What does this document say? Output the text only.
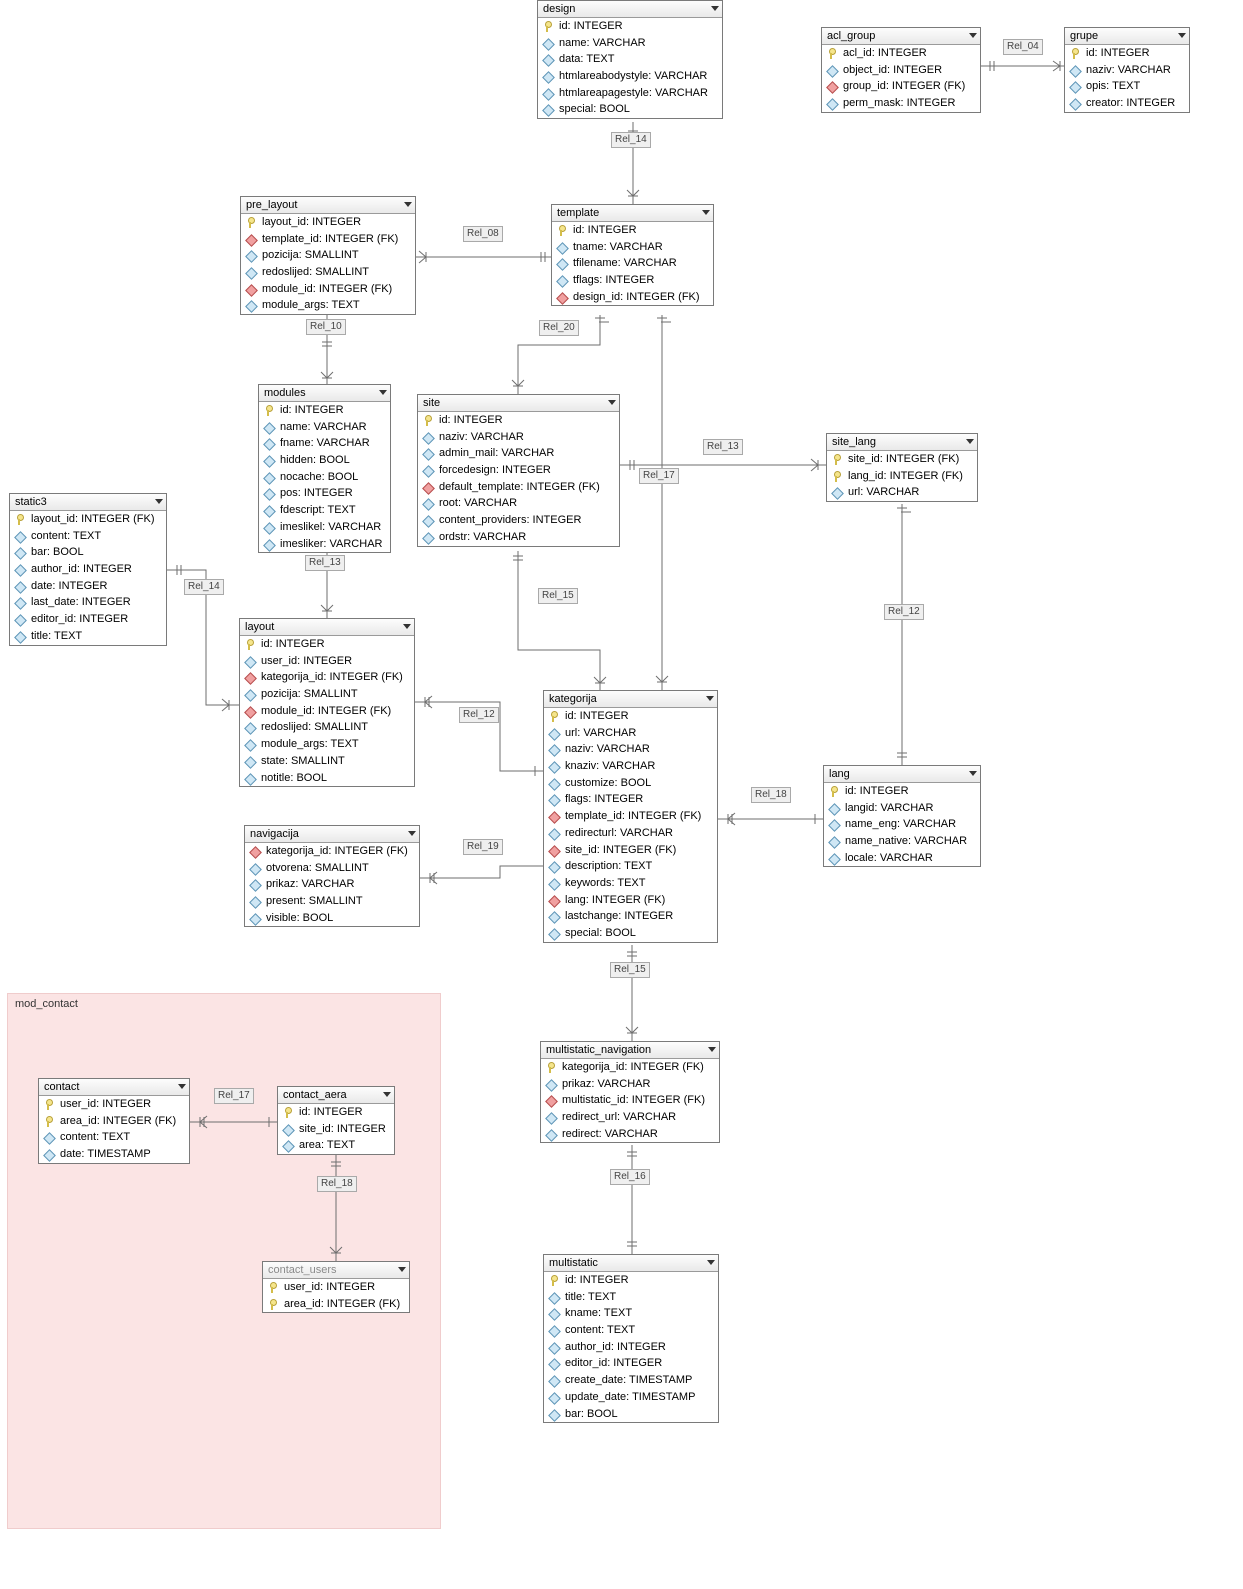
mod_contact
Rel_04
Rel_14
Rel_08
Rel_10	Rel_20
Rel_13
Rel_17
Rel_13
Rel_15
Rel_14
Rel_12
Rel_12
Rel_18
Rel_19
Rel_15
Rel_17
Rel_16
Rel_18
design
id: INTEGER
name: VARCHAR
data: TEXT
htmlareabodystyle: VARCHAR
htmlareapagestyle: VARCHAR
special: BOOL
acl_group
acl_id: INTEGER
object_id: INTEGER
group_id: INTEGER (FK)
perm_mask: INTEGER
grupe
id: INTEGER
naziv: VARCHAR
opis: TEXT
creator: INTEGER
pre_layout
layout_id: INTEGER
template_id: INTEGER (FK)
pozicija: SMALLINT
redoslijed: SMALLINT
module_id: INTEGER (FK)
module_args: TEXT
template
id: INTEGER
tname: VARCHAR
tfilename: VARCHAR
tflags: INTEGER
design_id: INTEGER (FK)
modules
id: INTEGER
name: VARCHAR
fname: VARCHAR
hidden: BOOL
nocache: BOOL
pos: INTEGER
fdescript: TEXT
imeslikel: VARCHAR
imesliker: VARCHAR
site
id: INTEGER
naziv: VARCHAR
admin_mail: VARCHAR
forcedesign: INTEGER
default_template: INTEGER (FK)
root: VARCHAR
content_providers: INTEGER
ordstr: VARCHAR
site_lang
site_id: INTEGER (FK)
lang_id: INTEGER (FK)
url: VARCHAR
static3
layout_id: INTEGER (FK)
content: TEXT
bar: BOOL
author_id: INTEGER
date: INTEGER
last_date: INTEGER
editor_id: INTEGER
title: TEXT
layout
id: INTEGER
user_id: INTEGER
kategorija_id: INTEGER (FK)
pozicija: SMALLINT
module_id: INTEGER (FK)
redoslijed: SMALLINT
module_args: TEXT
state: SMALLINT
notitle: BOOL
kategorija
id: INTEGER
url: VARCHAR
naziv: VARCHAR
knaziv: VARCHAR
customize: BOOL
flags: INTEGER
template_id: INTEGER (FK)
redirecturl: VARCHAR
site_id: INTEGER (FK)
description: TEXT
keywords: TEXT
lang: INTEGER (FK)
lastchange: INTEGER
special: BOOL
lang
id: INTEGER
langid: VARCHAR
name_eng: VARCHAR
name_native: VARCHAR
locale: VARCHAR
navigacija
kategorija_id: INTEGER (FK)
otvorena: SMALLINT
prikaz: VARCHAR
present: SMALLINT
visible: BOOL
multistatic_navigation
kategorija_id: INTEGER (FK)
prikaz: VARCHAR
multistatic_id: INTEGER (FK)
redirect_url: VARCHAR
redirect: VARCHAR
multistatic
id: INTEGER
title: TEXT
kname: TEXT
content: TEXT
author_id: INTEGER
editor_id: INTEGER
create_date: TIMESTAMP
update_date: TIMESTAMP
bar: BOOL
contact
user_id: INTEGER
area_id: INTEGER (FK)
content: TEXT
date: TIMESTAMP
contact_aera
id: INTEGER
site_id: INTEGER
area: TEXT
contact_users
user_id: INTEGER
area_id: INTEGER (FK)
